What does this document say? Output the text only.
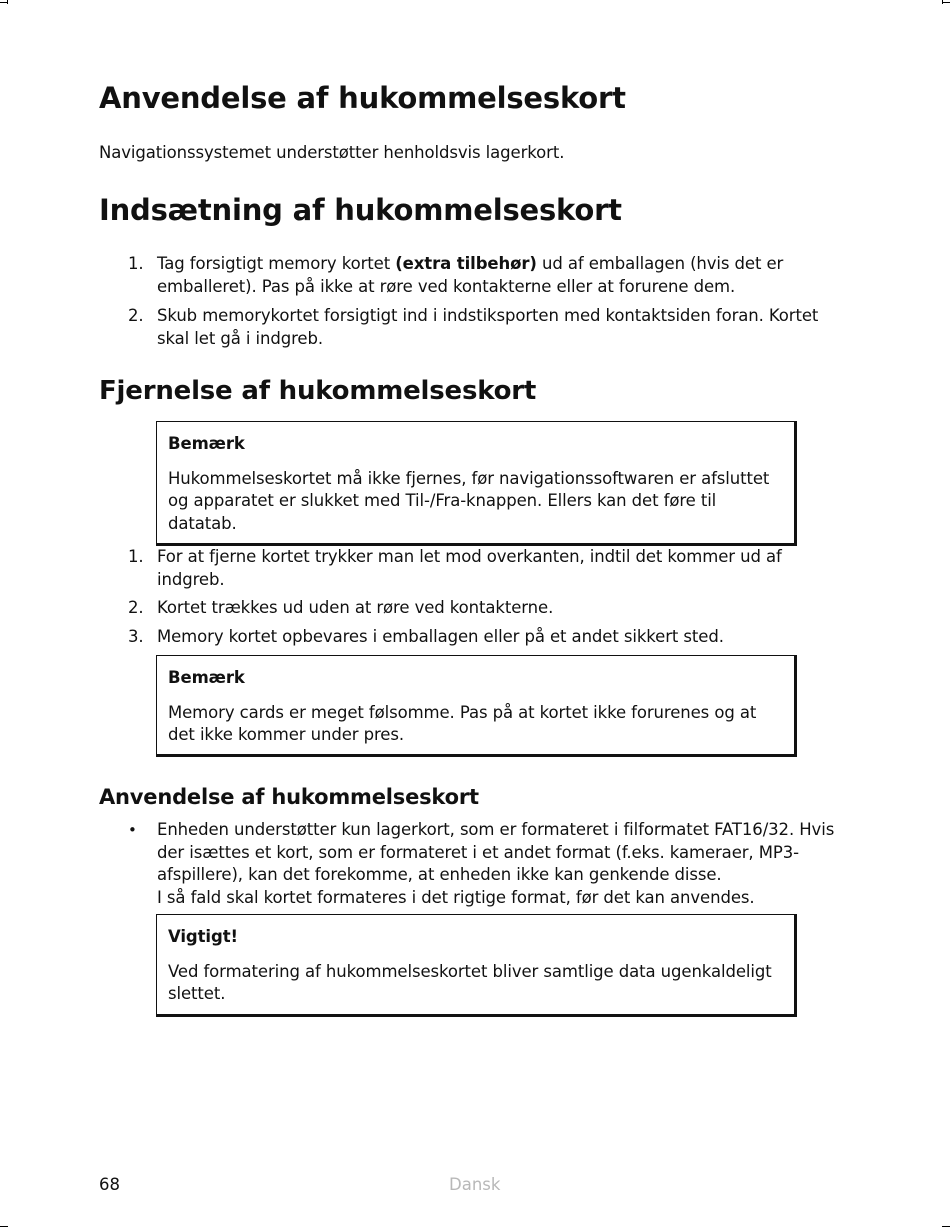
Anvendelse af hukommelseskort

Navigationssystemet understøtter henholdsvis lagerkort.

Indsætning af hukommelseskort
1. Tag forsigtigt memory kortet (extra tilbehør) ud af emballagen (hvis det er emballeret). Pas på ikke at røre ved kontakterne eller at forurene dem.
2. Skub memorykortet forsigtigt ind i indstiksporten med kontaktsiden foran. Kortet skal let gå i indgreb.
Fjernelse af hukommelseskort
Bemærk
Hukommelseskortet må ikke fjernes, før navigationssoftwaren er afsluttet og apparatet er slukket med Til-/Fra-knappen. Ellers kan det føre til datatab.
1. For at fjerne kortet trykker man let mod overkanten, indtil det kommer ud af indgreb.
2. Kortet trækkes ud uden at røre ved kontakterne.
3. Memory kortet opbevares i emballagen eller på et andet sikkert sted.
Bemærk
Memory cards er meget følsomme. Pas på at kortet ikke forurenes og at det ikke kommer under pres.
Anvendelse af hukommelseskort
• Enheden understøtter kun lagerkort, som er formateret i filformatet FAT16/32. Hvis der isættes et kort, som er formateret i et andet format (f.eks. kameraer, MP3-afspillere), kan det forekomme, at enheden ikke kan genkende disse.
I så fald skal kortet formateres i det rigtige format, før det kan anvendes.
Vigtigt!
Ved formatering af hukommelseskortet bliver samtlige data ugenkaldeligt slettet.
68	Dansk
